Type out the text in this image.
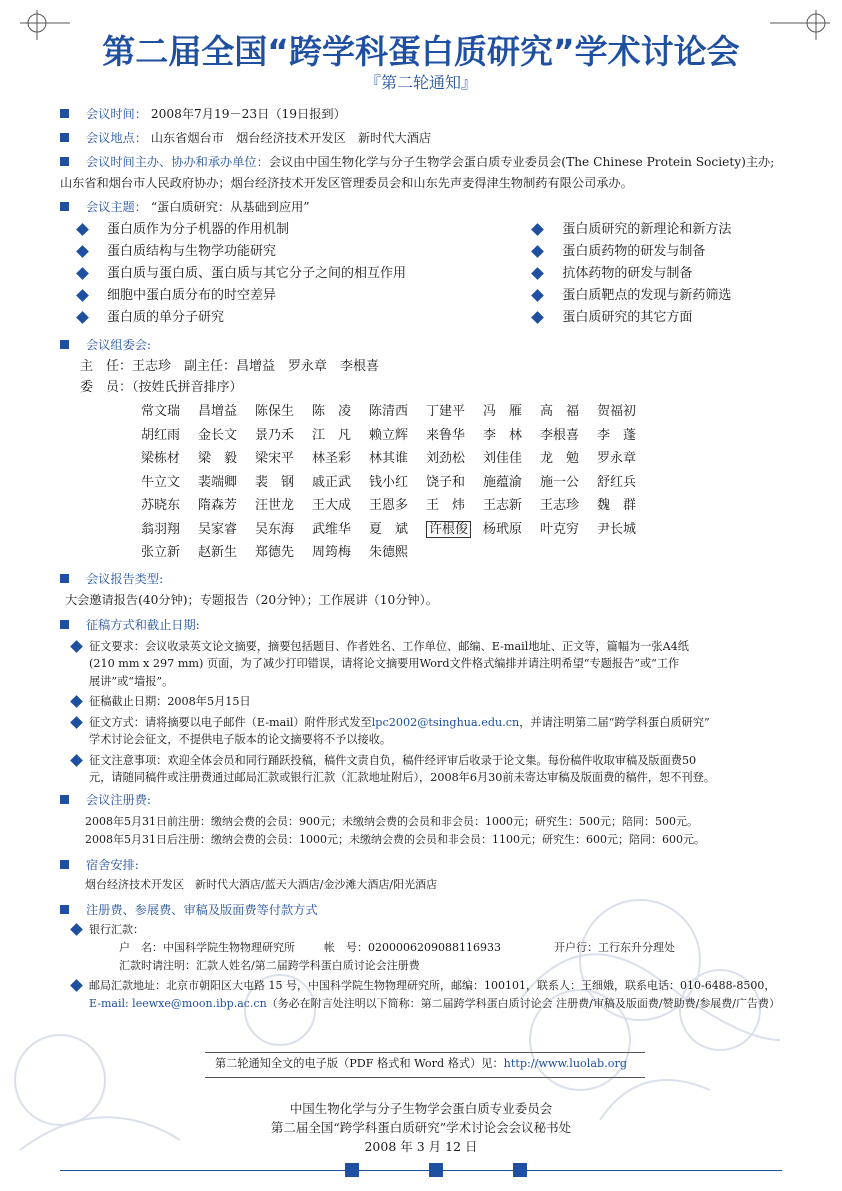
第二届全国“跨学科蛋白质研究”学术讨论会
『第二轮通知』
会议时间： 2008年7月19－23日（19日报到）
会议地点： 山东省烟台市　烟台经济技术开发区　新时代大酒店
会议时间主办、协办和承办单位：会议由中国生物化学与分子生物学会蛋白质专业委员会(The Chinese Protein Society)主办;
山东省和烟台市人民政府协办；烟台经济技术开发区管理委员会和山东先声麦得津生物制药有限公司承办。
会议主题： “蛋白质研究：从基础到应用”
蛋白质作为分子机器的作用机制
蛋白质结构与生物学功能研究
蛋白质与蛋白质、蛋白质与其它分子之间的相互作用
细胞中蛋白质分布的时空差异
蛋白质的单分子研究
蛋白质研究的新理论和新方法
蛋白质药物的研发与制备
抗体药物的研发与制备
蛋白质靶点的发现与新药筛选
蛋白质研究的其它方面
会议组委会:
主　任：王志珍　副主任：昌增益　罗永章　李根喜
委　员：（按姓氏拼音排序）
常文瑞	昌增益	陈保生	陈　凌	陈清西	丁建平	冯　雁	高　福	贺福初
胡红雨	金长文	景乃禾	江　凡	赖立辉	来鲁华	李　林	李根喜	李　蓬
梁栋材	梁　毅	梁宋平	林圣彩	林其谁	刘劲松	刘佳佳	龙　勉	罗永章
牛立文	裴端卿	裴　钢	戚正武	钱小红	饶子和	施蕴渝	施一公	舒红兵
苏晓东	隋森芳	汪世龙	王大成	王恩多	王　炜	王志新	王志珍	魏　群
翁羽翔	吴家睿	吴东海	武维华	夏　斌	许根俊	杨玳原	叶克穷	尹长城
张立新	赵新生	郑德先	周筠梅	朱德熙
会议报告类型:
大会邀请报告(40分钟)；专题报告（20分钟）；工作展讲（10分钟）。
征稿方式和截止日期:
征文要求：会议收录英文论文摘要，摘要包括题目、作者姓名、工作单位、邮编、E-mail地址、正文等，篇幅为一张A4纸
(210 mm x 297 mm) 页面，为了减少打印错误，请将论文摘要用Word文件格式编排并请注明希望“专题报告”或“工作
展讲”或“墙报”。
征稿截止日期：2008年5月15日
征文方式：请将摘要以电子邮件（E-mail）附件形式发至lpc2002@tsinghua.edu.cn，并请注明第二届“跨学科蛋白质研究”
学术讨论会征文，不提供电子版本的论文摘要将不予以接收。
征文注意事项：欢迎全体会员和同行踊跃投稿，稿件文责自负，稿件经评审后收录于论文集。每份稿件收取审稿及版面费50
元，请随同稿件或注册费通过邮局汇款或银行汇款（汇款地址附后），2008年6月30前未寄达审稿及版面费的稿件，恕不刊登。
会议注册费:
2008年5月31日前注册：缴纳会费的会员：900元；未缴纳会费的会员和非会员：1000元；研究生：500元；陪同：500元。
2008年5月31日后注册：缴纳会费的会员：1000元；未缴纳会费的会员和非会员：1100元；研究生：600元；陪同：600元。
宿舍安排:
烟台经济技术开发区　新时代大酒店/蓝天大酒店/金沙滩大酒店/阳光酒店
注册费、参展费、审稿及版面费等付款方式
银行汇款：
户　名：中国科学院生物物理研究所	帐　号：0200006209088116933	开户行：工行东升分理处
汇款时请注明：汇款人姓名/第二届跨学科蛋白质讨论会注册费
邮局汇款地址：北京市朝阳区大屯路 15 号，中国科学院生物物理研究所，邮编：100101，联系人：王细娥，联系电话：010-6488-8500，
E-mail: leewxe@moon.ibp.ac.cn（务必在附言处注明以下简称：第二届跨学科蛋白质讨论会 注册费/审稿及版面费/赞助费/参展费/广告费）
第二轮通知全文的电子版（PDF 格式和 Word 格式）见：http://www.luolab.org
中国生物化学与分子生物学会蛋白质专业委员会
第二届全国“跨学科蛋白质研究”学术讨论会会议秘书处
2008 年 3 月 12 日
